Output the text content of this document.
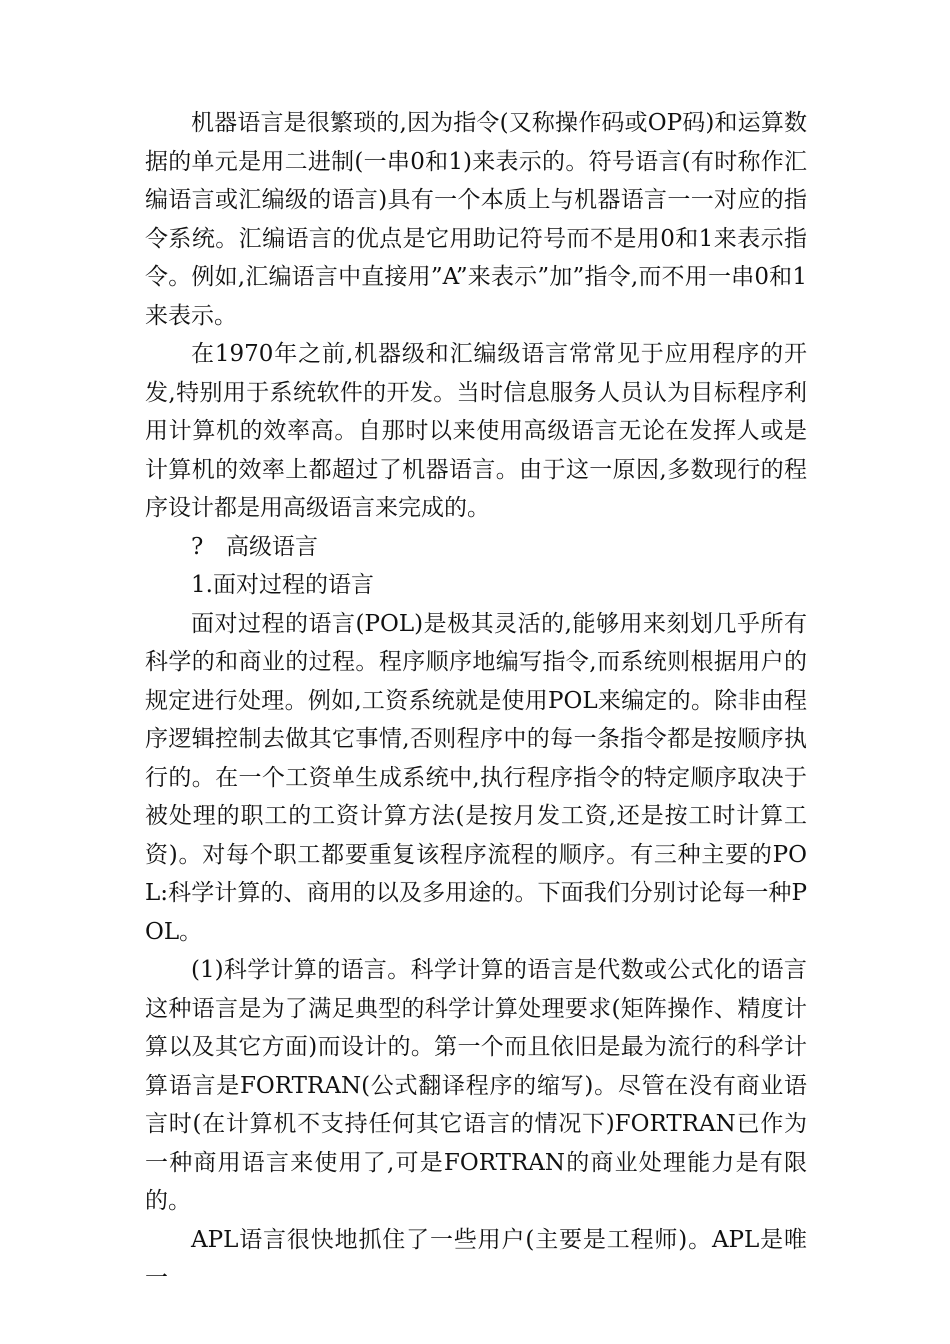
机器语言是很繁琐的,因为指令(又称操作码或OP码)和运算数据的单元是用二进制(一串0和1)来表示的。符号语言(有时称作汇编语言或汇编级的语言)具有一个本质上与机器语言一一对应的指令系统。汇编语言的优点是它用助记符号而不是用0和1来表示指令。例如,汇编语言中直接用”A”来表示”加”指令,而不用一串0和1来表示。

在1970年之前,机器级和汇编级语言常常见于应用程序的开发,特别用于系统软件的开发。当时信息服务人员认为目标程序利用计算机的效率高。自那时以来使用高级语言无论在发挥人或是计算机的效率上都超过了机器语言。由于这一原因,多数现行的程序设计都是用高级语言来完成的。

? 高级语言

1.面对过程的语言

面对过程的语言(POL)是极其灵活的,能够用来刻划几乎所有科学的和商业的过程。程序顺序地编写指令,而系统则根据用户的规定进行处理。例如,工资系统就是使用POL来编定的。除非由程序逻辑控制去做其它事情,否则程序中的每一条指令都是按顺序执行的。在一个工资单生成系统中,执行程序指令的特定顺序取决于被处理的职工的工资计算方法(是按月发工资,还是按工时计算工资)。对每个职工都要重复该程序流程的顺序。有三种主要的POL:科学计算的、商用的以及多用途的。下面我们分别讨论每一种POL。

(1)科学计算的语言。科学计算的语言是代数或公式化的语言这种语言是为了满足典型的科学计算处理要求(矩阵操作、精度计算以及其它方面)而设计的。第一个而且依旧是最为流行的科学计算语言是FORTRAN(公式翻译程序的缩写)。尽管在没有商业语言时(在计算机不支持任何其它语言的情况下)FORTRAN已作为一种商用语言来使用了,可是FORTRAN的商业处理能力是有限的。

APL语言很快地抓住了一些用户(主要是工程师)。APL是唯一
